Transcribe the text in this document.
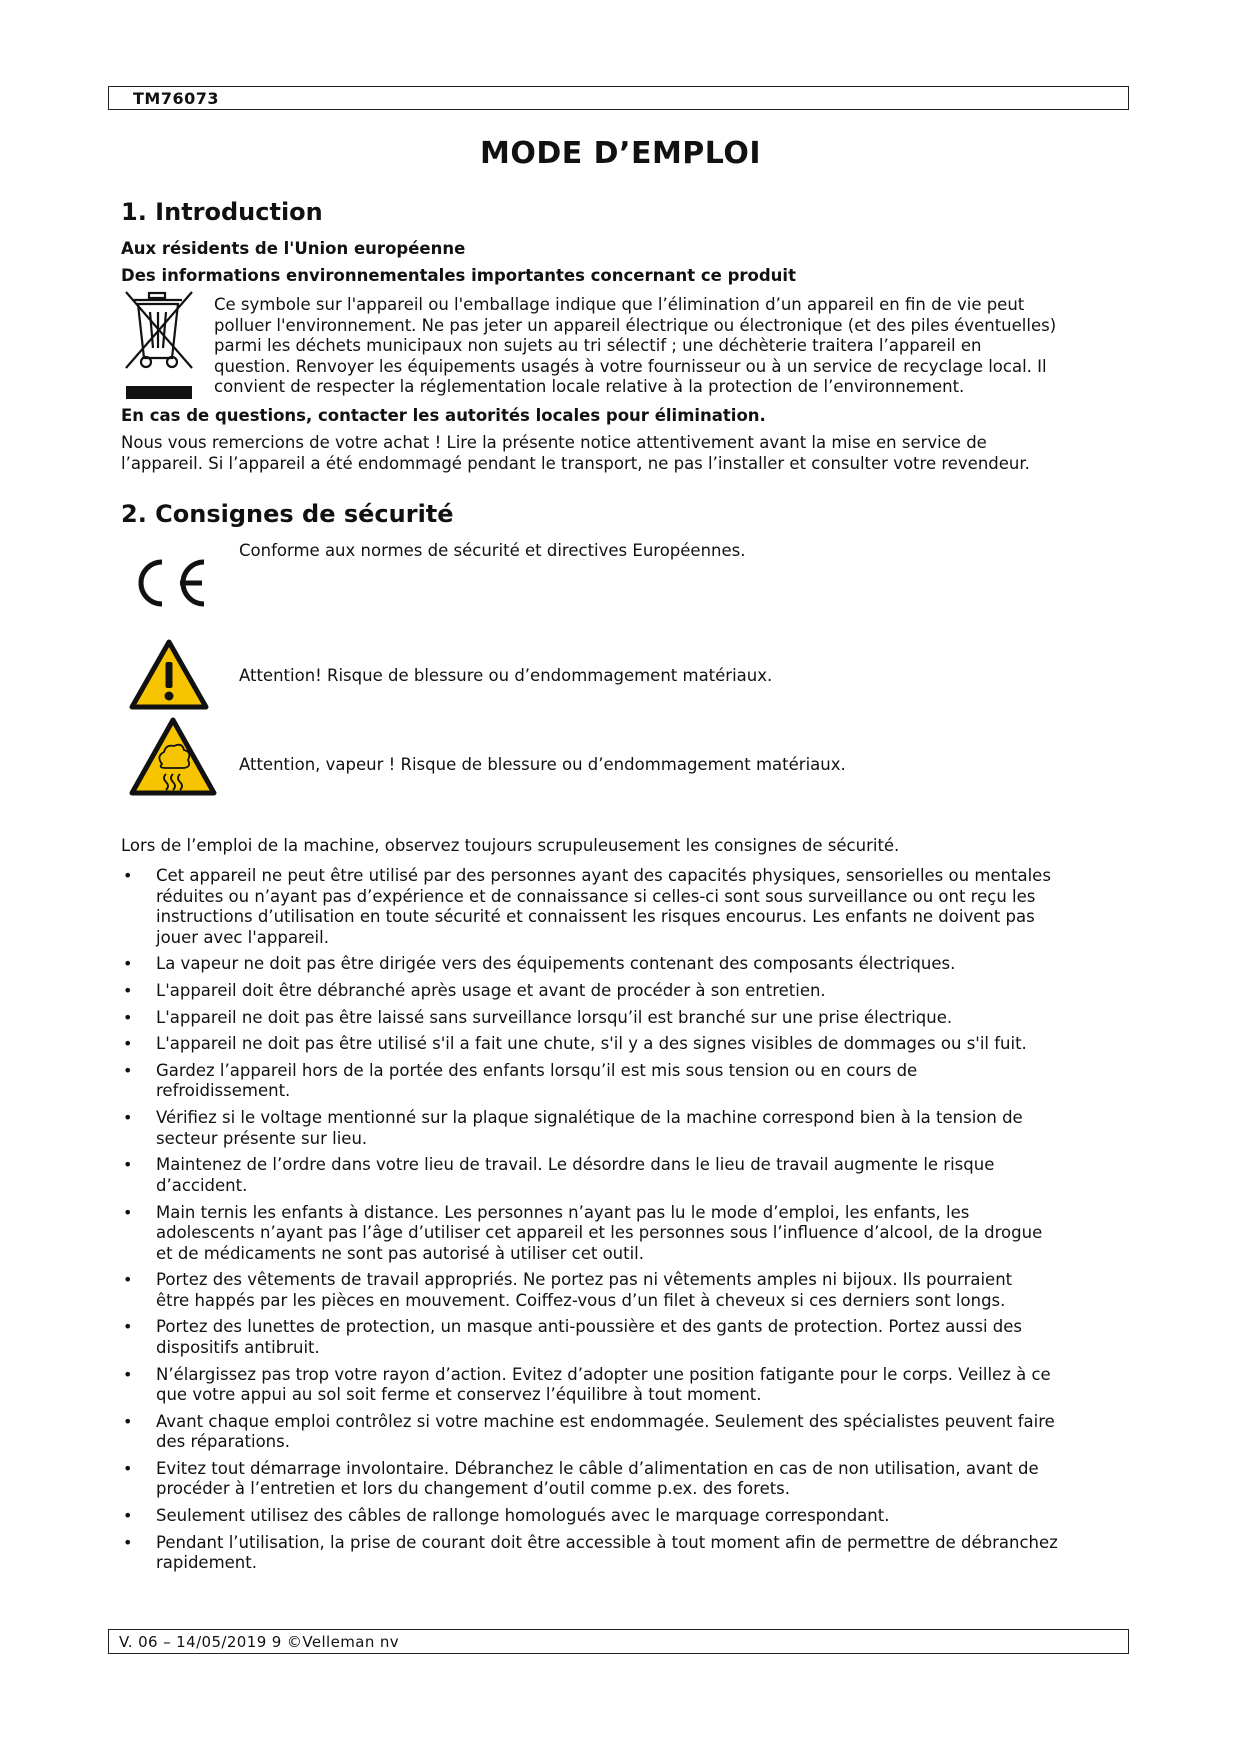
TM76073
MODE D’EMPLOI
1. Introduction
Aux résidents de l'Union européenne
Des informations environnementales importantes concernant ce produit
Ce symbole sur l'appareil ou l'emballage indique que l’élimination d’un appareil en fin de vie peut
polluer l'environnement. Ne pas jeter un appareil électrique ou électronique (et des piles éventuelles)
parmi les déchets municipaux non sujets au tri sélectif ; une déchèterie traitera l’appareil en
question. Renvoyer les équipements usagés à votre fournisseur ou à un service de recyclage local. Il
convient de respecter la réglementation locale relative à la protection de l’environnement.
En cas de questions, contacter les autorités locales pour élimination.
Nous vous remercions de votre achat ! Lire la présente notice attentivement avant la mise en service de
l’appareil. Si l’appareil a été endommagé pendant le transport, ne pas l’installer et consulter votre revendeur.
2. Consignes de sécurité
Conforme aux normes de sécurité et directives Européennes.
Attention! Risque de blessure ou d’endommagement matériaux.
Attention, vapeur ! Risque de blessure ou d’endommagement matériaux.
Lors de l’emploi de la machine, observez toujours scrupuleusement les consignes de sécurité.
• Cet appareil ne peut être utilisé par des personnes ayant des capacités physiques, sensorielles ou mentales
réduites ou n’ayant pas d’expérience et de connaissance si celles-ci sont sous surveillance ou ont reçu les
instructions d’utilisation en toute sécurité et connaissent les risques encourus. Les enfants ne doivent pas
jouer avec l'appareil.
• La vapeur ne doit pas être dirigée vers des équipements contenant des composants électriques.
• L'appareil doit être débranché après usage et avant de procéder à son entretien.
• L'appareil ne doit pas être laissé sans surveillance lorsqu’il est branché sur une prise électrique.
• L'appareil ne doit pas être utilisé s'il a fait une chute, s'il y a des signes visibles de dommages ou s'il fuit.
• Gardez l’appareil hors de la portée des enfants lorsqu’il est mis sous tension ou en cours de
refroidissement.
• Vérifiez si le voltage mentionné sur la plaque signalétique de la machine correspond bien à la tension de
secteur présente sur lieu.
• Maintenez de l’ordre dans votre lieu de travail. Le désordre dans le lieu de travail augmente le risque
d’accident.
• Main ternis les enfants à distance. Les personnes n’ayant pas lu le mode d’emploi, les enfants, les
adolescents n’ayant pas l’âge d’utiliser cet appareil et les personnes sous l’influence d’alcool, de la drogue
et de médicaments ne sont pas autorisé à utiliser cet outil.
• Portez des vêtements de travail appropriés. Ne portez pas ni vêtements amples ni bijoux. Ils pourraient
être happés par les pièces en mouvement. Coiffez-vous d’un filet à cheveux si ces derniers sont longs.
• Portez des lunettes de protection, un masque anti-poussière et des gants de protection. Portez aussi des
dispositifs antibruit.
• N’élargissez pas trop votre rayon d’action. Evitez d’adopter une position fatigante pour le corps. Veillez à ce
que votre appui au sol soit ferme et conservez l’équilibre à tout moment.
• Avant chaque emploi contrôlez si votre machine est endommagée. Seulement des spécialistes peuvent faire
des réparations.
• Evitez tout démarrage involontaire. Débranchez le câble d’alimentation en cas de non utilisation, avant de
procéder à l’entretien et lors du changement d’outil comme p.ex. des forets.
• Seulement utilisez des câbles de rallonge homologués avec le marquage correspondant.
• Pendant l’utilisation, la prise de courant doit être accessible à tout moment afin de permettre de débranchez
rapidement.
V. 06 – 14/05/2019 9 ©Velleman nv
